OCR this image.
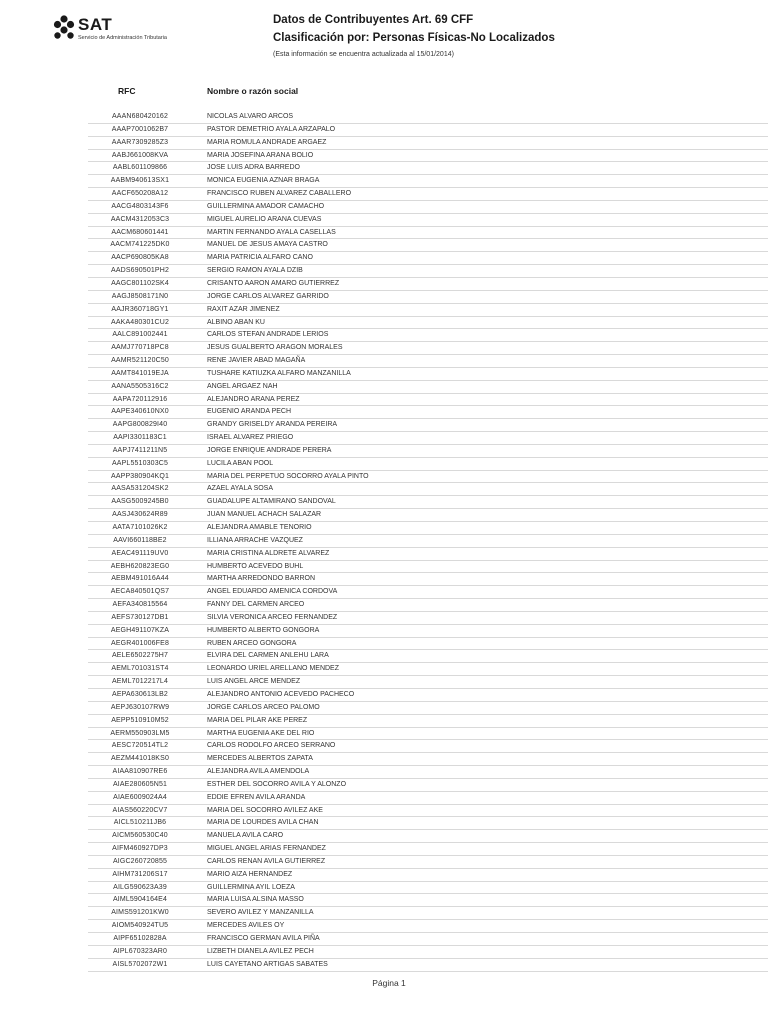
SAT
Servicio de Administración Tributaria
Datos de Contribuyentes Art. 69 CFF
Clasificación por: Personas Físicas-No Localizados
(Esta información se encuentra actualizada al 15/01/2014)
RFC	Nombre o razón social
AAAN680420162	NICOLAS ALVARO ARCOS
AAAP7001062B7	PASTOR DEMETRIO AYALA ARZAPALO
AAAR7309285Z3	MARIA ROMULA ANDRADE ARGAEZ
AABJ661008KVA	MARIA JOSEFINA ARANA BOLIO
AABL601109866	JOSE LUIS ADRA BARREDO
AABM940613SX1	MONICA EUGENIA AZNAR BRAGA
AACF650208A12	FRANCISCO RUBEN ALVAREZ CABALLERO
AACG4803143F6	GUILLERMINA AMADOR CAMACHO
AACM4312053C3	MIGUEL AURELIO ARANA CUEVAS
AACM680601441	MARTIN FERNANDO AYALA CASELLAS
AACM741225DK0	MANUEL DE JESUS AMAYA CASTRO
AACP690805KA8	MARIA PATRICIA ALFARO CANO
AADS690501PH2	SERGIO RAMON AYALA DZIB
AAGC801102SK4	CRISANTO AARON AMARO GUTIERREZ
AAGJ8508171N0	JORGE CARLOS ALVAREZ GARRIDO
AAJR360718GY1	RAXIT AZAR JIMENEZ
AAKA480301CU2	ALBINO ABAN KU
AALC891002441	CARLOS STEFAN ANDRADE LERIOS
AAMJ770718PC8	JESUS GUALBERTO ARAGON MORALES
AAMR521120C50	RENE JAVIER ABAD MAGAÑA
AAMT841019EJA	TUSHARE KATIUZKA ALFARO MANZANILLA
AANA5505316C2	ANGEL ARGAEZ NAH
AAPA720112916	ALEJANDRO ARANA PEREZ
AAPE340610NX0	EUGENIO ARANDA PECH
AAPG800829I40	GRANDY GRISELDY ARANDA PEREIRA
AAPI3301183C1	ISRAEL ALVAREZ PRIEGO
AAPJ7411211N5	JORGE ENRIQUE ANDRADE PERERA
AAPL5510303C5	LUCILA ABAN POOL
AAPP380904KQ1	MARIA DEL PERPETUO SOCORRO AYALA PINTO
AASA531204SK2	AZAEL AYALA SOSA
AASG5009245B0	GUADALUPE ALTAMIRANO SANDOVAL
AASJ430624R89	JUAN MANUEL ACHACH SALAZAR
AATA7101026K2	ALEJANDRA AMABLE TENORIO
AAVI660118BE2	ILLIANA ARRACHE VAZQUEZ
AEAC491119UV0	MARIA CRISTINA ALDRETE ALVAREZ
AEBH620823EG0	HUMBERTO ACEVEDO BUHL
AEBM491016A44	MARTHA ARREDONDO BARRON
AECA840501QS7	ANGEL EDUARDO AMENICA CORDOVA
AEFA340815564	FANNY DEL CARMEN ARCEO
AEFS730127DB1	SILVIA VERONICA ARCEO FERNANDEZ
AEGH491107KZA	HUMBERTO ALBERTO GONGORA
AEGR401006FE8	RUBEN ARCEO GONGORA
AELE6502275H7	ELVIRA DEL CARMEN ANLEHU LARA
AEML701031ST4	LEONARDO URIEL ARELLANO MENDEZ
AEML7012217L4	LUIS ANGEL ARCE MENDEZ
AEPA630613LB2	ALEJANDRO ANTONIO ACEVEDO PACHECO
AEPJ630107RW9	JORGE CARLOS ARCEO PALOMO
AEPP510910M52	MARIA DEL PILAR AKE PEREZ
AERM550903LM5	MARTHA EUGENIA AKE DEL RIO
AESC720514TL2	CARLOS RODOLFO ARCEO SERRANO
AEZM441018KS0	MERCEDES ALBERTOS ZAPATA
AIAA810907RE6	ALEJANDRA AVILA AMENDOLA
AIAE280605N51	ESTHER DEL SOCORRO AVILA Y ALONZO
AIAE6009024A4	EDDIE EFREN AVILA ARANDA
AIAS560220CV7	MARIA DEL SOCORRO AVILEZ AKE
AICL510211JB6	MARIA DE LOURDES AVILA CHAN
AICM560530C40	MANUELA AVILA CARO
AIFM460927DP3	MIGUEL ANGEL ARIAS FERNANDEZ
AIGC260720855	CARLOS RENAN AVILA GUTIERREZ
AIHM731206S17	MARIO AIZA HERNANDEZ
AILG590623A39	GUILLERMINA AYIL LOEZA
AIML5904164E4	MARIA LUISA ALSINA MASSO
AIMS591201KW0	SEVERO AVILEZ Y MANZANILLA
AIOM540924TU5	MERCEDES AVILES OY
AIPF65102828A	FRANCISCO GERMAN AVILA PIÑA
AIPL670323AR0	LIZBETH DIANELA AVILEZ PECH
AISL5702072W1	LUIS CAYETANO ARTIGAS SABATES
Página 1
